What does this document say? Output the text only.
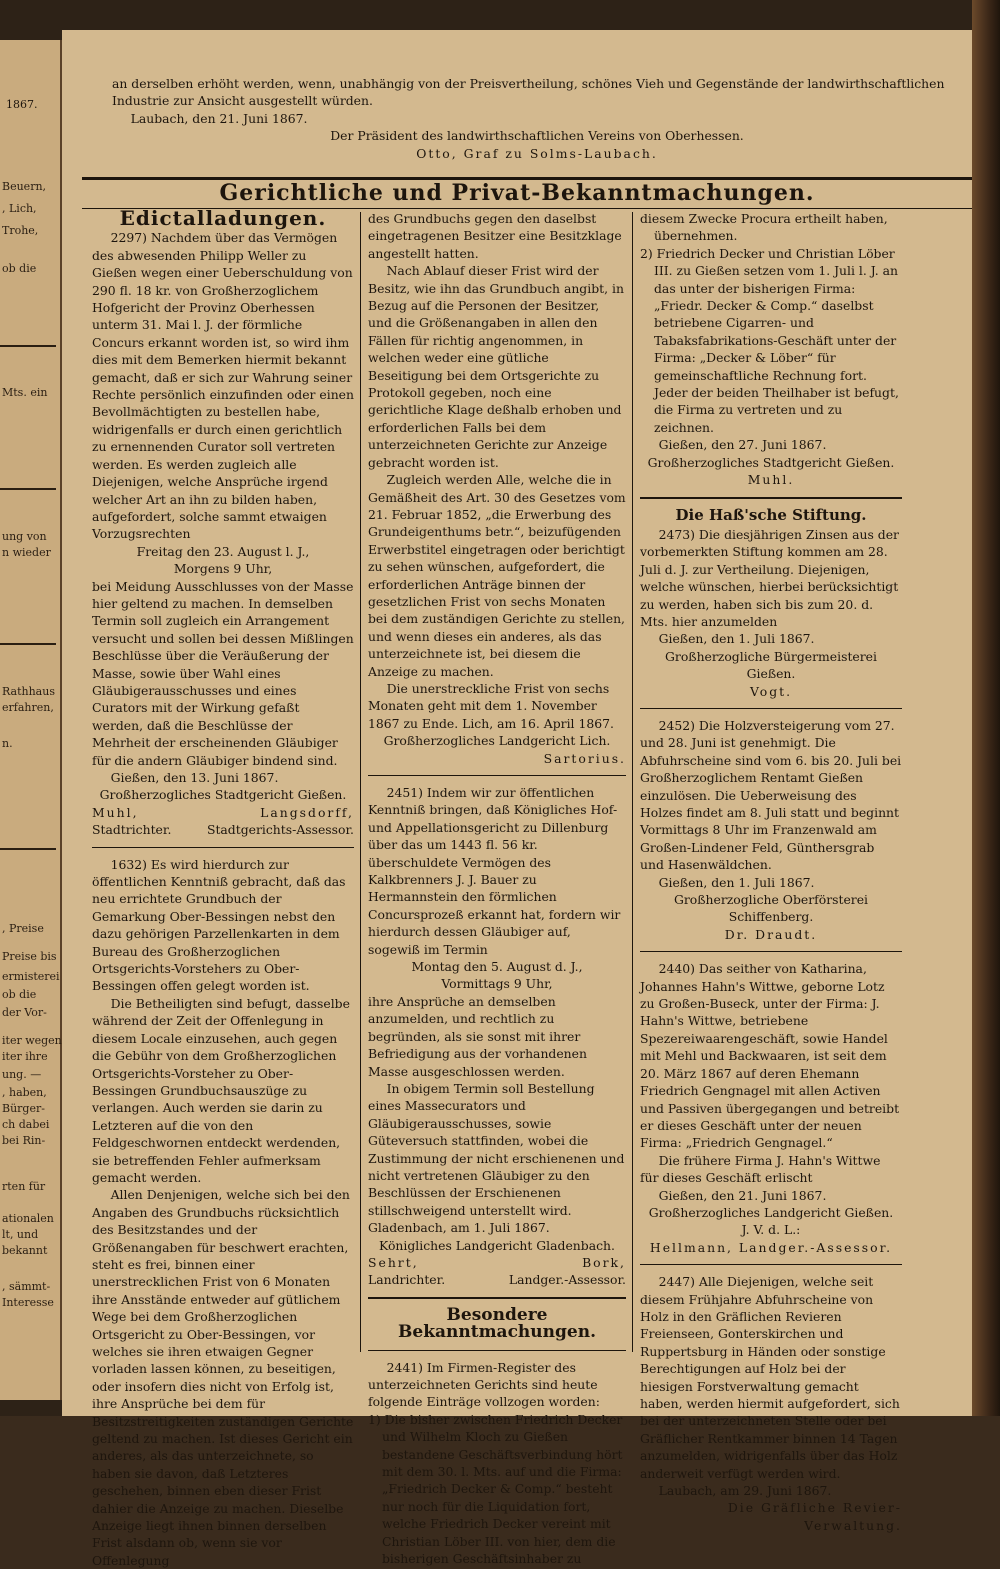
Beuern,
, Lich,
Trohe,
ob die
Mts. ein
ung von
n wieder
Rathhaus
erfahren,
n.
, Preise
Preise bis
ermisterei
ob die
der Vor-
iter wegen
iter ihre
ung. —
, haben,
Bürger-
ch dabei
bei Rin-
rten für
ationalen
lt, und
bekannt
, sämmt-
Interesse
1867.

an derselben erhöht werden, wenn, unabhängig von der Preisvertheilung, schönes Vieh und Gegenstände der landwirthschaftlichen Industrie zur Ansicht ausgestellt würden.

Laubach, den 21. Juni 1867.

Der Präsident des landwirthschaftlichen Vereins von Oberhessen.

Otto, Graf zu Solms-Laubach.

Gerichtliche und Privat-Bekanntmachungen.
Edictalladungen.

2297) Nachdem über das Vermögen des abwesenden Philipp Weller zu Gießen wegen einer Ueberschuldung von 290 fl. 18 kr. von Großherzoglichem Hofgericht der Provinz Oberhessen unterm 31. Mai l. J. der förmliche Concurs erkannt worden ist, so wird ihm dies mit dem Bemerken hiermit bekannt gemacht, daß er sich zur Wahrung seiner Rechte persönlich einzufinden oder einen Bevollmächtigten zu bestellen habe, widrigenfalls er durch einen gerichtlich zu ernennenden Curator soll vertreten werden. Es werden zugleich alle Diejenigen, welche Ansprüche irgend welcher Art an ihn zu bilden haben, aufgefordert, solche sammt etwaigen Vorzugsrechten

Freitag den 23. August l. J.,

Morgens 9 Uhr,

bei Meidung Ausschlusses von der Masse hier geltend zu machen. In demselben Termin soll zugleich ein Arrangement versucht und sollen bei dessen Mißlingen Beschlüsse über die Veräußerung der Masse, sowie über Wahl eines Gläubigerausschusses und eines Curators mit der Wirkung gefaßt werden, daß die Beschlüsse der Mehrheit der erscheinenden Gläubiger für die andern Gläubiger bindend sind.

Gießen, den 13. Juni 1867.

Großherzogliches Stadtgericht Gießen.

Muhl,	Langsdorff,
Stadtrichter.	Stadtgerichts-Assessor.

1632) Es wird hierdurch zur öffentlichen Kenntniß gebracht, daß das neu errichtete Grundbuch der Gemarkung Ober-Bessingen nebst den dazu gehörigen Parzellenkarten in dem Bureau des Großherzoglichen Ortsgerichts-Vorstehers zu Ober-Bessingen offen gelegt worden ist.

Die Betheiligten sind befugt, dasselbe während der Zeit der Offenlegung in diesem Locale einzusehen, auch gegen die Gebühr von dem Großherzoglichen Ortsgerichts-Vorsteher zu Ober-Bessingen Grundbuchsauszüge zu verlangen. Auch werden sie darin zu Letzteren auf die von den Feldgeschwornen entdeckt werdenden, sie betreffenden Fehler aufmerksam gemacht werden.

Allen Denjenigen, welche sich bei den Angaben des Grundbuchs rücksichtlich des Besitzstandes und der Größenangaben für beschwert erachten, steht es frei, binnen einer unerstrecklichen Frist von 6 Monaten ihre Ansstände entweder auf gütlichem Wege bei dem Großherzoglichen Ortsgericht zu Ober-Bessingen, vor welches sie ihren etwaigen Gegner vorladen lassen können, zu beseitigen, oder insofern dies nicht von Erfolg ist, ihre Ansprüche bei dem für Besitzstreitigkeiten zuständigen Gerichte geltend zu machen. Ist dieses Gericht ein anderes, als das unterzeichnete, so haben sie davon, daß Letzteres geschehen, binnen eben dieser Frist dahier die Anzeige zu machen. Dieselbe Anzeige liegt ihnen binnen derselben Frist alsdann ob, wenn sie vor Offenlegung

des Grundbuchs gegen den daselbst eingetragenen Besitzer eine Besitzklage angestellt hatten.

Nach Ablauf dieser Frist wird der Besitz, wie ihn das Grundbuch angibt, in Bezug auf die Personen der Besitzer, und die Größenangaben in allen den Fällen für richtig angenommen, in welchen weder eine gütliche Beseitigung bei dem Ortsgerichte zu Protokoll gegeben, noch eine gerichtliche Klage deßhalb erhoben und erforderlichen Falls bei dem unterzeichneten Gerichte zur Anzeige gebracht worden ist.

Zugleich werden Alle, welche die in Gemäßheit des Art. 30 des Gesetzes vom 21. Februar 1852, „die Erwerbung des Grundeigenthums betr.“, beizufügenden Erwerbstitel eingetragen oder berichtigt zu sehen wünschen, aufgefordert, die erforderlichen Anträge binnen der gesetzlichen Frist von sechs Monaten bei dem zuständigen Gerichte zu stellen, und wenn dieses ein anderes, als das unterzeichnete ist, bei diesem die Anzeige zu machen.

Die unerstreckliche Frist von sechs Monaten geht mit dem 1. November 1867 zu Ende. Lich, am 16. April 1867.

Großherzogliches Landgericht Lich.

Sartorius.

2451) Indem wir zur öffentlichen Kenntniß bringen, daß Königliches Hof- und Appellationsgericht zu Dillenburg über das um 1443 fl. 56 kr. überschuldete Vermögen des Kalkbrenners J. J. Bauer zu Hermannstein den förmlichen Concursprozeß erkannt hat, fordern wir hierdurch dessen Gläubiger auf, sogewiß im Termin

Montag den 5. August d. J.,

Vormittags 9 Uhr,

ihre Ansprüche an demselben anzumelden, und rechtlich zu begründen, als sie sonst mit ihrer Befriedigung aus der vorhandenen Masse ausgeschlossen werden.

In obigem Termin soll Bestellung eines Massecurators und Gläubigerausschusses, sowie Güteversuch stattfinden, wobei die Zustimmung der nicht erschienenen und nicht vertretenen Gläubiger zu den Beschlüssen der Erschienenen stillschweigend unterstellt wird. Gladenbach, am 1. Juli 1867.

Königliches Landgericht Gladenbach.

Sehrt,	Bork,
Landrichter.	Landger.-Assessor.
Besondere Bekanntmachungen.

2441) Im Firmen-Register des unterzeichneten Gerichts sind heute folgende Einträge vollzogen worden:

1) Die bisher zwischen Friedrich Decker und Wilhelm Kloch zu Gießen bestandene Geschäftsverbindung hört mit dem 30. l. Mts. auf und die Firma: „Friedrich Decker & Comp.“ besteht nur noch für die Liquidation fort, welche Friedrich Decker vereint mit Christian Löber III. von hier, dem die bisherigen Geschäftsinhaber zu

diesem Zwecke Procura ertheilt haben, übernehmen.

2) Friedrich Decker und Christian Löber III. zu Gießen setzen vom 1. Juli l. J. an das unter der bisherigen Firma: „Friedr. Decker & Comp.“ daselbst betriebene Cigarren- und Tabaksfabrikations-Geschäft unter der Firma: „Decker & Löber“ für gemeinschaftliche Rechnung fort. Jeder der beiden Theilhaber ist befugt, die Firma zu vertreten und zu zeichnen.

Gießen, den 27. Juni 1867.

Großherzogliches Stadtgericht Gießen.

Muhl.

Die Haß'sche Stiftung.

2473) Die diesjährigen Zinsen aus der vorbemerkten Stiftung kommen am 28. Juli d. J. zur Vertheilung. Diejenigen, welche wünschen, hierbei berücksichtigt zu werden, haben sich bis zum 20. d. Mts. hier anzumelden

Gießen, den 1. Juli 1867.

Großherzogliche Bürgermeisterei Gießen.

Vogt.

2452) Die Holzversteigerung vom 27. und 28. Juni ist genehmigt. Die Abfuhrscheine sind vom 6. bis 20. Juli bei Großherzoglichem Rentamt Gießen einzulösen. Die Ueberweisung des Holzes findet am 8. Juli statt und beginnt Vormittags 8 Uhr im Franzenwald am Großen-Lindener Feld, Günthersgrab und Hasenwäldchen.

Gießen, den 1. Juli 1867.

Großherzogliche Oberförsterei Schiffenberg.

Dr. Draudt.

2440) Das seither von Katharina, Johannes Hahn's Wittwe, geborne Lotz zu Großen-Buseck, unter der Firma: J. Hahn's Wittwe, betriebene Spezereiwaarengeschäft, sowie Handel mit Mehl und Backwaaren, ist seit dem 20. März 1867 auf deren Ehemann Friedrich Gengnagel mit allen Activen und Passiven übergegangen und betreibt er dieses Geschäft unter der neuen Firma: „Friedrich Gengnagel.“

Die frühere Firma J. Hahn's Wittwe für dieses Geschäft erlischt

Gießen, den 21. Juni 1867.

Großherzogliches Landgericht Gießen.

J. V. d. L.:

Hellmann, Landger.-Assessor.

2447) Alle Diejenigen, welche seit diesem Frühjahre Abfuhrscheine von Holz in den Gräflichen Revieren Freienseen, Gonterskirchen und Ruppertsburg in Händen oder sonstige Berechtigungen auf Holz bei der hiesigen Forstverwaltung gemacht haben, werden hiermit aufgefordert, sich bei der unterzeichneten Stelle oder bei Gräflicher Rentkammer binnen 14 Tagen anzumelden, widrigenfalls über das Holz anderweit verfügt werden wird.

Laubach, am 29. Juni 1867.

Die Gräfliche Revier-

Verwaltung.
